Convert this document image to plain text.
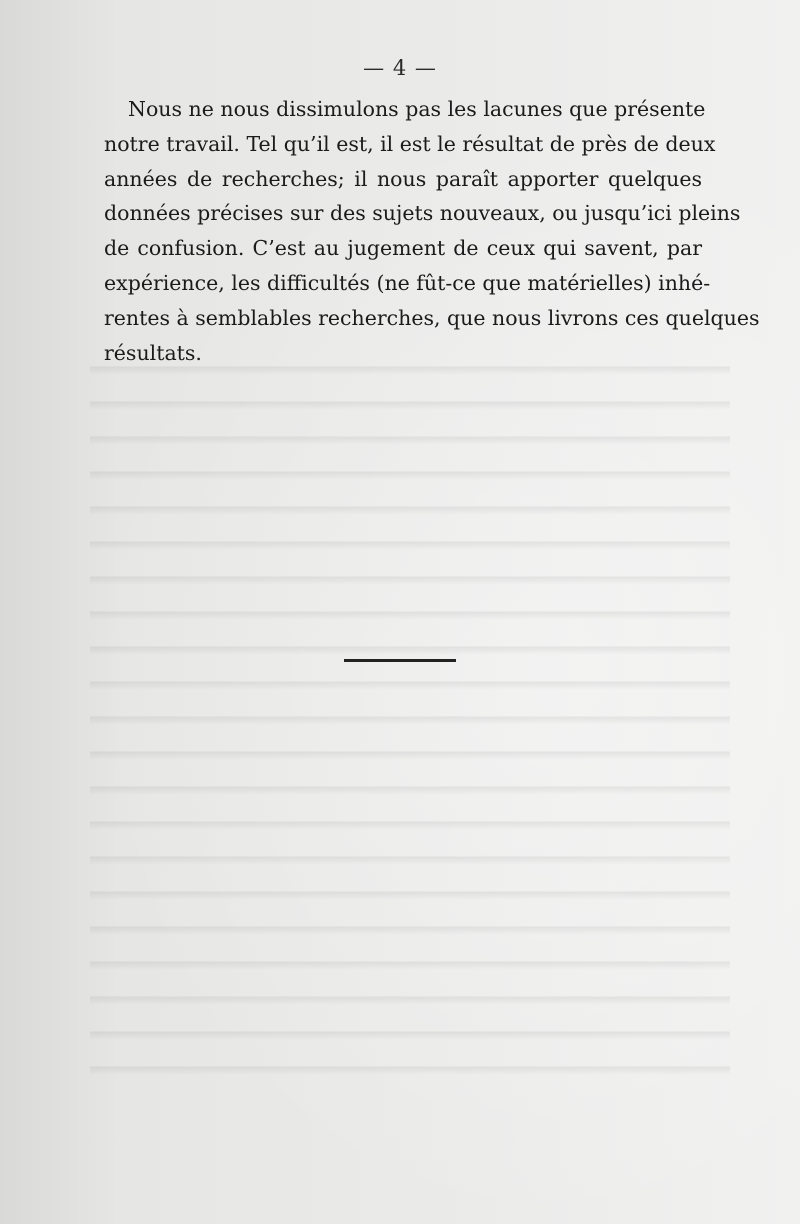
— 4 —
Nous ne nous dissimulons pas les lacunes que présente
notre travail. Tel qu’il est, il est le résultat de près de deux
années de recherches; il nous paraît apporter quelques
données précises sur des sujets nouveaux, ou jusqu’ici pleins
de confusion. C’est au jugement de ceux qui savent, par
expérience, les difficultés (ne fût-ce que matérielles) inhé-
rentes à semblables recherches, que nous livrons ces quelques
résultats.
